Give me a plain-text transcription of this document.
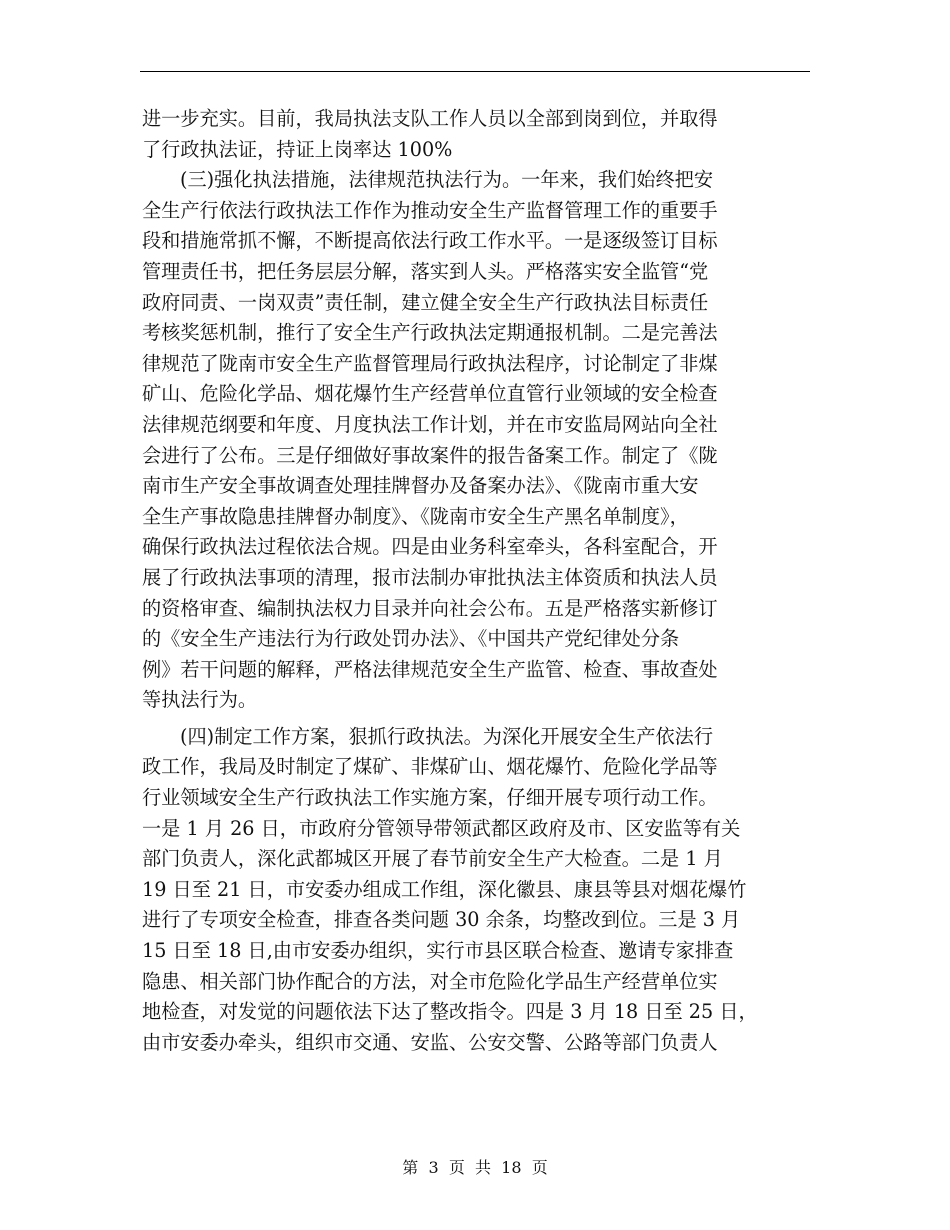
进一步充实。目前，我局执法支队工作人员以全部到岗到位，并取得
了行政执法证，持证上岗率达 100%
(三)强化执法措施，法律规范执法行为。一年来，我们始终把安
全生产行依法行政执法工作作为推动安全生产监督管理工作的重要手
段和措施常抓不懈，不断提高依法行政工作水平。一是逐级签订目标
管理责任书，把任务层层分解，落实到人头。严格落实安全监管“党
政府同责、一岗双责”责任制，建立健全安全生产行政执法目标责任
考核奖惩机制，推行了安全生产行政执法定期通报机制。二是完善法
律规范了陇南市安全生产监督管理局行政执法程序，讨论制定了非煤
矿山、危险化学品、烟花爆竹生产经营单位直管行业领域的安全检查
法律规范纲要和年度、月度执法工作计划，并在市安监局网站向全社
会进行了公布。三是仔细做好事故案件的报告备案工作。制定了《陇
南市生产安全事故调查处理挂牌督办及备案办法》、《陇南市重大安
全生产事故隐患挂牌督办制度》、《陇南市安全生产黑名单制度》，
确保行政执法过程依法合规。四是由业务科室牵头，各科室配合，开
展了行政执法事项的清理，报市法制办审批执法主体资质和执法人员
的资格审查、编制执法权力目录并向社会公布。五是严格落实新修订
的《安全生产违法行为行政处罚办法》、《中国共产党纪律处分条
例》若干问题的解释，严格法律规范安全生产监管、检查、事故查处
等执法行为。
(四)制定工作方案，狠抓行政执法。为深化开展安全生产依法行
政工作，我局及时制定了煤矿、非煤矿山、烟花爆竹、危险化学品等
行业领域安全生产行政执法工作实施方案，仔细开展专项行动工作。
一是 1 月 26 日，市政府分管领导带领武都区政府及市、区安监等有关
部门负责人，深化武都城区开展了春节前安全生产大检查。二是 1 月
19 日至 21 日，市安委办组成工作组，深化徽县、康县等县对烟花爆竹
进行了专项安全检查，排查各类问题 30 余条，均整改到位。三是 3 月
15 日至 18 日,由市安委办组织，实行市县区联合检查、邀请专家排查
隐患、相关部门协作配合的方法，对全市危险化学品生产经营单位实
地检查，对发觉的问题依法下达了整改指令。四是 3 月 18 日至 25 日，
由市安委办牵头，组织市交通、安监、公安交警、公路等部门负责人
第  3  页  共  18  页
